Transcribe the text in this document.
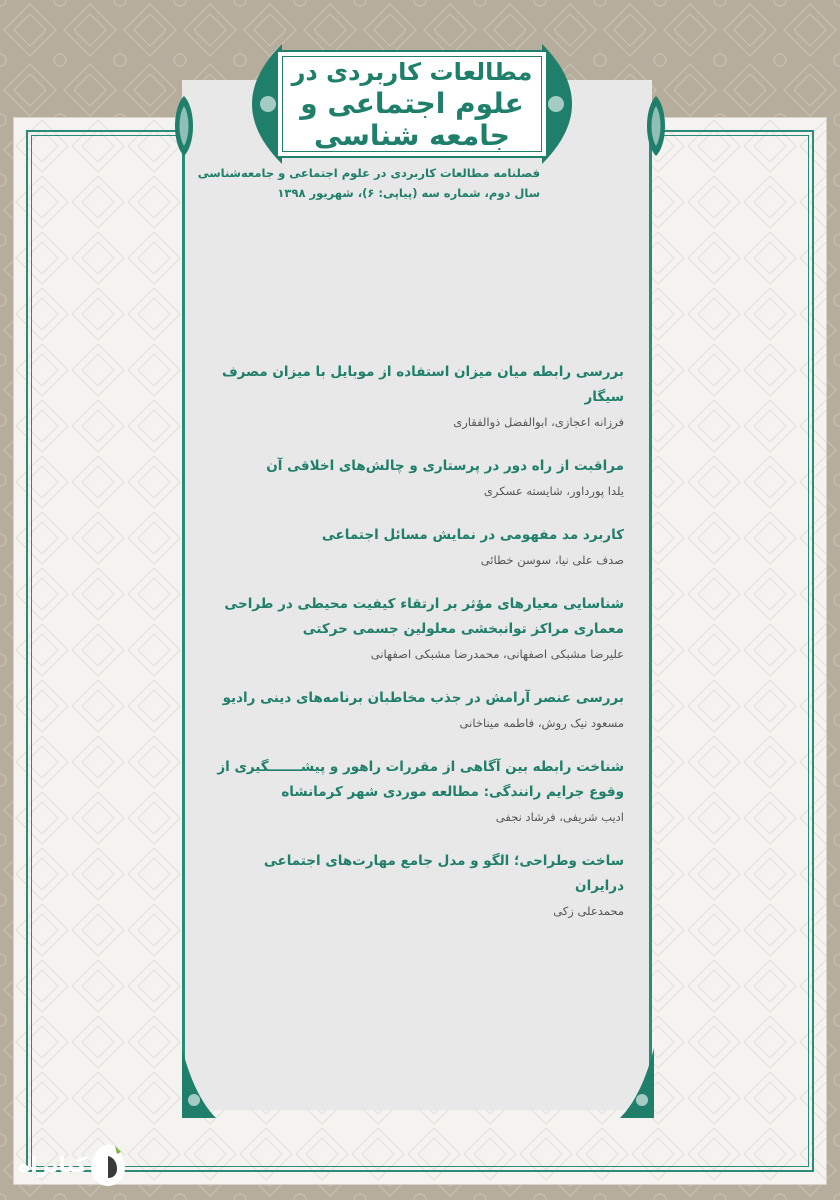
مطالعات کاربردی در
علوم اجتماعی و
جامعه شناسی
فصلنامه مطالعات کاربردی در علوم اجتماعی و جامعه‌شناسی
سال دوم، شماره سه (پیاپی: ۶)، شهریور ۱۳۹۸
بررسی رابطه میان میزان استفاده از موبایل با میزان مصرف سیگار
فرزانه اعجازی، ابوالفضل ذوالفقاری
مراقبت از راه دور در پرستاری و چالش‌های اخلاقی آن
یلدا پورداور، شایسته عسکری
کاربرد مد مفهومی در نمایش مسائل اجتماعی
صدف علی نیا، سوسن خطائی
شناسایی معیارهای مؤثر بر ارتقاء کیفیت محیطی در طراحی معماری مراکز توانبخشی معلولین جسمی حرکتی
علیرضا مشبکی اصفهانی، محمدرضا مشبکی اصفهانی
بررسی عنصر آرامش در جذب مخاطبان برنامه‌های دینی رادیو
مسعود نیک روش، فاطمه میناخانی
شناخت رابطه بین آگاهی از مقررات راهور و پیشـــــــگیری از وقوع جرایم رانندگی: مطالعه موردی شهر کرمانشاه
ادیب شریفی، فرشاد نجفی
ساخت وطراحی؛ الگو و مدل جامع مهارت‌های اجتماعی درایران
محمدعلی زکی
کتابراه
